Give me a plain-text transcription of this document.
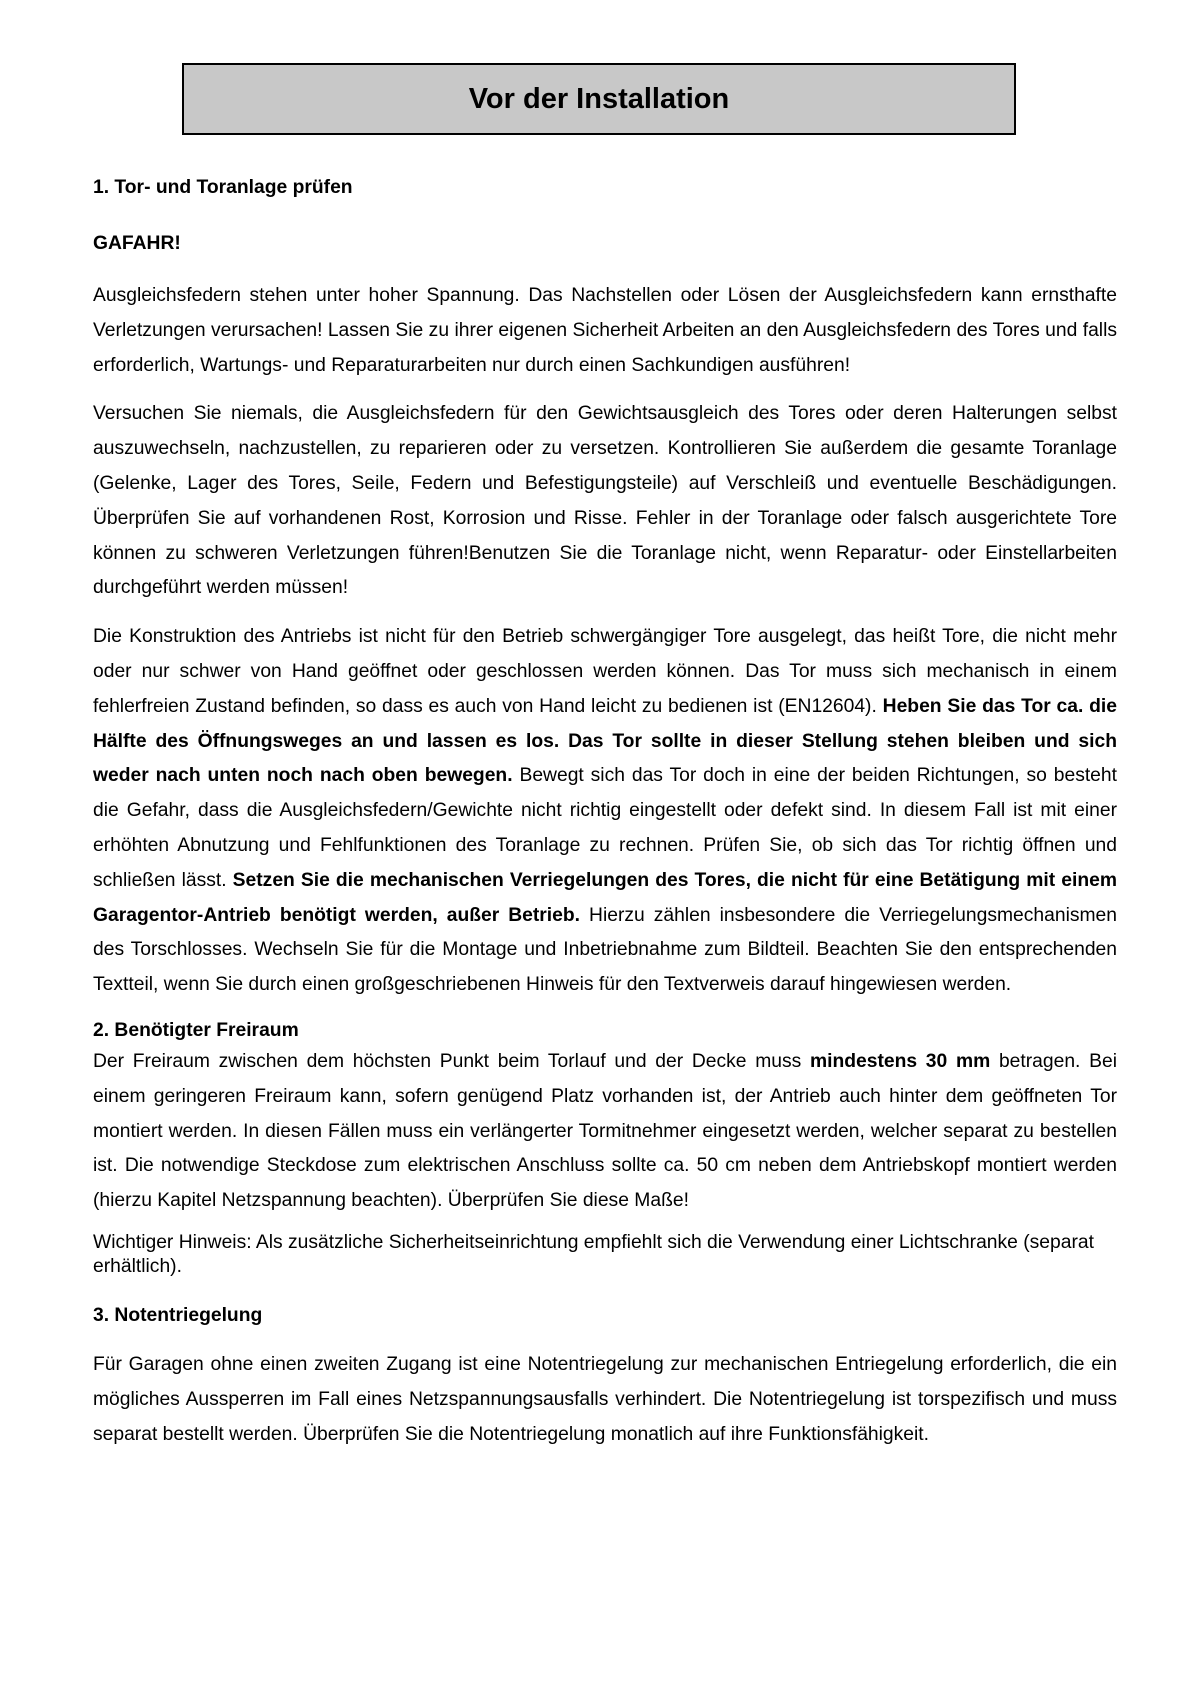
Vor der Installation
1. Tor- und Toranlage prüfen
GAFAHR!

Ausgleichsfedern stehen unter hoher Spannung. Das Nachstellen oder Lösen der Ausgleichsfedern kann ernsthafte Verletzungen verursachen! Lassen Sie zu ihrer eigenen Sicherheit Arbeiten an den Ausgleichsfedern des Tores und falls erforderlich, Wartungs- und Reparaturarbeiten nur durch einen Sachkundigen ausführen!

Versuchen Sie niemals, die Ausgleichsfedern für den Gewichtsausgleich des Tores oder deren Halterungen selbst auszuwechseln, nachzustellen, zu reparieren oder zu versetzen. Kontrollieren Sie außerdem die gesamte Toranlage (Gelenke, Lager des Tores, Seile, Federn und Befestigungsteile) auf Verschleiß und eventuelle Beschädigungen. Überprüfen Sie auf vorhandenen Rost, Korrosion und Risse. Fehler in der Toranlage oder falsch ausgerichtete Tore können zu schweren Verletzungen führen!Benutzen Sie die Toranlage nicht, wenn Reparatur- oder Einstellarbeiten durchgeführt werden müssen!

Die Konstruktion des Antriebs ist nicht für den Betrieb schwergängiger Tore ausgelegt, das heißt Tore, die nicht mehr oder nur schwer von Hand geöffnet oder geschlossen werden können. Das Tor muss sich mechanisch in einem fehlerfreien Zustand befinden, so dass es auch von Hand leicht zu bedienen ist (EN12604). Heben Sie das Tor ca. die Hälfte des Öffnungsweges an und lassen es los. Das Tor sollte in dieser Stellung stehen bleiben und sich weder nach unten noch nach oben bewegen. Bewegt sich das Tor doch in eine der beiden Richtungen, so besteht die Gefahr, dass die Ausgleichsfedern/Gewichte nicht richtig eingestellt oder defekt sind. In diesem Fall ist mit einer erhöhten Abnutzung und Fehlfunktionen des Toranlage zu rechnen. Prüfen Sie, ob sich das Tor richtig öffnen und schließen lässt. Setzen Sie die mechanischen Verriegelungen des Tores, die nicht für eine Betätigung mit einem Garagentor-Antrieb benötigt werden, außer Betrieb. Hierzu zählen insbesondere die Verriegelungsmechanismen des Torschlosses. Wechseln Sie für die Montage und Inbetriebnahme zum Bildteil. Beachten Sie den entsprechenden Textteil, wenn Sie durch einen großgeschriebenen Hinweis für den Textverweis darauf hingewiesen werden.

2. Benötigter Freiraum

Der Freiraum zwischen dem höchsten Punkt beim Torlauf und der Decke muss mindestens 30 mm betragen. Bei einem geringeren Freiraum kann, sofern genügend Platz vorhanden ist, der Antrieb auch hinter dem geöffneten Tor montiert werden. In diesen Fällen muss ein verlängerter Tormitnehmer eingesetzt werden, welcher separat zu bestellen ist. Die notwendige Steckdose zum elektrischen Anschluss sollte ca. 50 cm neben dem Antriebskopf montiert werden (hierzu Kapitel Netzspannung beachten). Überprüfen Sie diese Maße!

Wichtiger Hinweis: Als zusätzliche Sicherheitseinrichtung empfiehlt sich die Verwendung einer Lichtschranke (separat erhältlich).

3. Notentriegelung

Für Garagen ohne einen zweiten Zugang ist eine Notentriegelung zur mechanischen Entriegelung erforderlich, die ein mögliches Aussperren im Fall eines Netzspannungsausfalls verhindert. Die Notentriegelung ist torspezifisch und muss separat bestellt werden. Überprüfen Sie die Notentriegelung monatlich auf ihre Funktionsfähigkeit.
